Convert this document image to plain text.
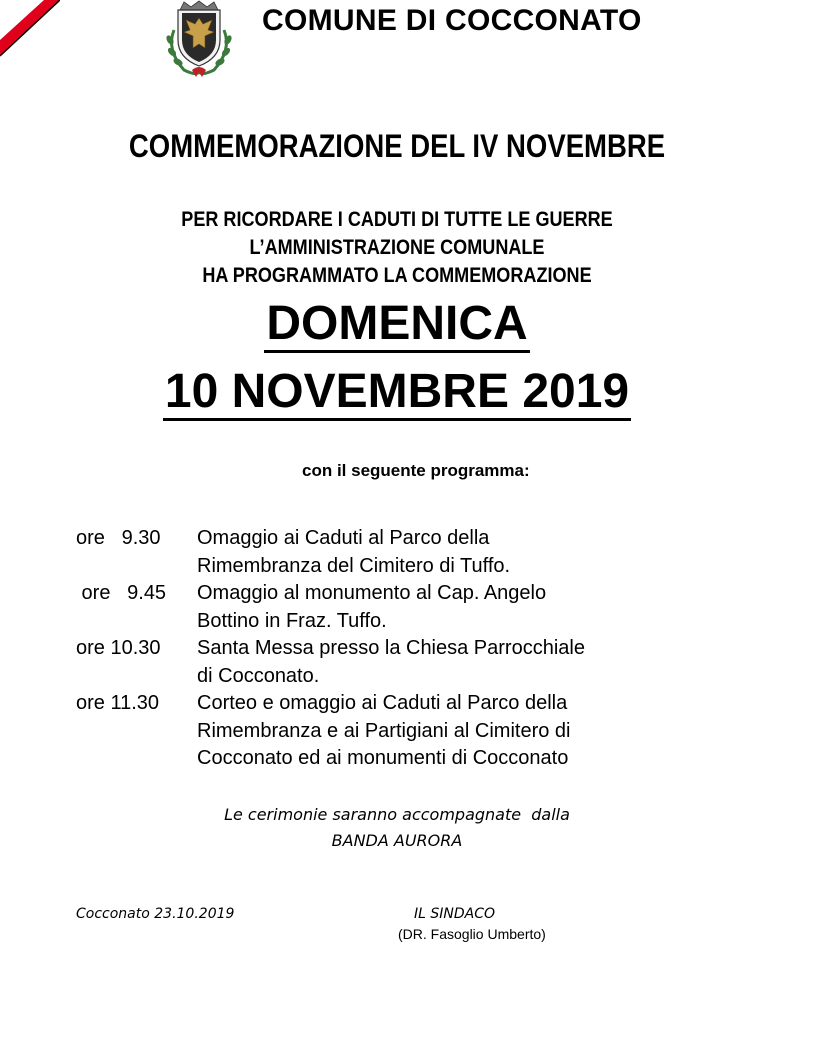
COMUNE DI COCCONATO
COMMEMORAZIONE DEL IV NOVEMBRE
PER RICORDARE I CADUTI DI TUTTE LE GUERRE
L’AMMINISTRAZIONE COMUNALE
HA PROGRAMMATO LA COMMEMORAZIONE
DOMENICA
10 NOVEMBRE 2019
con il seguente programma:
ore   9.30	Omaggio ai Caduti al Parco della
Rimembranza del Cimitero di Tuffo.
ore   9.45	Omaggio al monumento al Cap. Angelo
Bottino in Fraz. Tuffo.
ore 10.30	Santa Messa presso la Chiesa Parrocchiale
di Cocconato.
ore 11.30	Corteo e omaggio ai Caduti al Parco della
Rimembranza e ai Partigiani al Cimitero di
Cocconato ed ai monumenti di Cocconato
Le cerimonie saranno accompagnate  dalla
BANDA AURORA
Cocconato 23.10.2019	IL SINDACO
(DR. Fasoglio Umberto)
